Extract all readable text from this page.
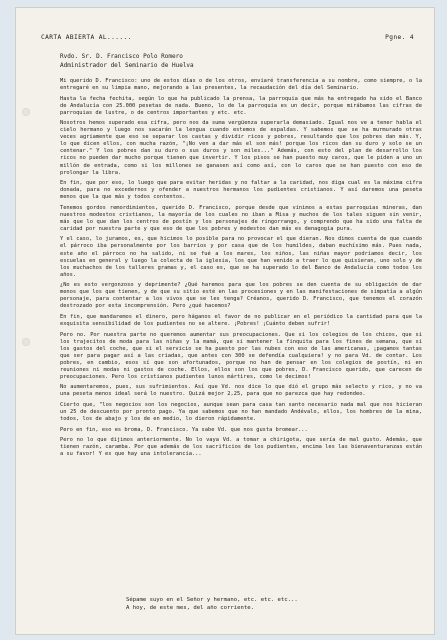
CARTA ABIERTA AL......	Pgne. 4
Rvdo. Sr. D. Francisco Polo Romero
Administrador del Seminario de Huelva

Mi querido D. Francisco: uno de estos días o de los otros, enviaré transferencia a su nombre, como siempre, o la entregaré en su limpia mano, mejorando a las presentes, la recaudación del día del Seminario.

Hasta la fecha fechita, según lo que ha publicado la prensa, la parroquia que más ha entregado ha sido el Banco de Andalucía con 25.000 pesetas de nada. Bueno, lo de la parroquia es un decir, porque mirábamos las cifras de parroquias de lustre, o de centros importantes y etc. etc.

Nosotros hemos superado esa cifra, pero nos da suma vergüenza superarla demasiado. Igual nos ve a tener habla el cielo hermano y luego nos sacarán la lengua cuando estemos de espaldas. Y sabemos que se ha murmurado otras veces agriamente que eso se separar los castas y dividir ricos y pobres, resultando que los pobres dan más. Y, lo que dicen ellos, con mucha razón, "¡No ven a dar más el son más! porque los ricos dan su duro y solo se un centenar." Y los pobres dan su duro o sus duros y son miles..." Además, con esto del plan de desarrollo los ricos no pueden dar mucho porque tienen que invertir. Y los pisos se han puesto muy caros, que le piden a uno un millón de entrada, como si los millones se ganasen así como así, con lo caros que se han puesto con eso de prolongar la libra.

En fin, que por eso, lo luego que para evitar heridas y no faltar a la caridad, nos diga cual es la máxima cifra donada, para no excedernos y ofender a nuestros hermanos los pudientes cristianos. Y así daremos una peseta menos que la que más y todos contentos.

Tenemos gordos remordimientos, querido D. Francisco, porque desde que vinimos a estas parroquias mineras, dan nuestros modestos cristianos, la mayoría de los cuales no iban a Misa y muchos de los tales siguen sin venir, más que lo que dan los centros de postín y los personajes de ringorrango, y comprendo que ha sido una falta de caridad por nuestra parte y que eso de que los pobres y modestos dan más es denagogia pura.

Y el caso, lo juramos, es, que hicimos lo posible para no provocar el que dieran. Nos dimos cuenta de que cuando el párroco iba personalmente por los barrios y por casa que de los humildes, daban muchísimo más. Pues nada, este año el párroco no ha salido, ni se fué a los mares, los niños, las niñas mayor podríamos decir, los escuelas en general y luego la colecta de la iglesia, los que han venido a traer lo que quisieran, uno solo y de los muchachos de los talleres gramas y, el caso es, que se ha superado lo del Banco de Andalucía como todos los años.

¿No es esto vergonzoso y deprimente? ¿Qué haremos para que los pobres se den cuenta de su obligación de dar menos que los que tienen, y de que su sitio esté en las procesiones y en las manifestaciones de simpatía a algún personaje, para contentar a los vivos que se les tenga? Créanos, querido D. Francisco, que tenemos el corazón destrozado por esta incomprensión. Pero ¿qué hacemos?

En fin, que mandaremos el dinero, pero háganos el favor de no publicar en el periódico la cantidad para que la exquisita sensibilidad de los pudientes no se altere. ¡Pobres! ¡Cuánto deben sufrir!

Pero no. Por nuestra parte no queremos aumentar sus preocupaciones. Que si los colegios de los chicos, que si los trajecitos de moda para las niñas y la mamá, que si mantener la finquita para los fines de semana, que si los gastos del coche, que si el servicio se ha puesto por las nubes con eso de las americanas, ¡pagamos tantas que ser para pagar así a las criadas, que antes con 300 se defendía cualquiera! y no para Vd. de contar. Los pobres, en cambio, esos sí que son afortunados, porque no han de pensar en los colegios de postín, ni en reuniones ni modas ni gastos de coche. Ellos, ellos son los que pobres, D. Francisco querido, que carecen de preocupaciones. Pero los cristianos pudientes lunos mártires, como le decimos!

No aumentaremos, pues, sus sufrimientos. Así que Vd. nos dice lo que dió el grupo más selecto y rico, y no va una peseta menos ideal será lo nuestro. Quizá mejor 2,25, para que no parezca que hay redondeo.

Cierto que, "los negocios son los negocios, aunque sean para casa tan santo necesario nada mal que nos hicieran un 25 de descuento por pronto pago. Ya que sabemos que no han mandado Andévalo, ellos, los hombres de la mina, todos, los de abajo y los de en medio, lo dieron rápidamente.

Pero en fin, eso es broma, D. Francisco. Ya sabe Vd. que nos gusta bromear...

Pero no lo que dijimos anteriormente. No lo vaya Vd. a tomar a chirigota, que sería de mal gusto. Además, que tienen razón, caramba. Por que además de los sacrificios de los pudientes, encima les las bienaventuranzas están a su favor! Y es que hay una intolerancia...

Sépame suyo en el Señor y hermano, etc. etc. etc...
A hoy, de este mes, del año corriente.
